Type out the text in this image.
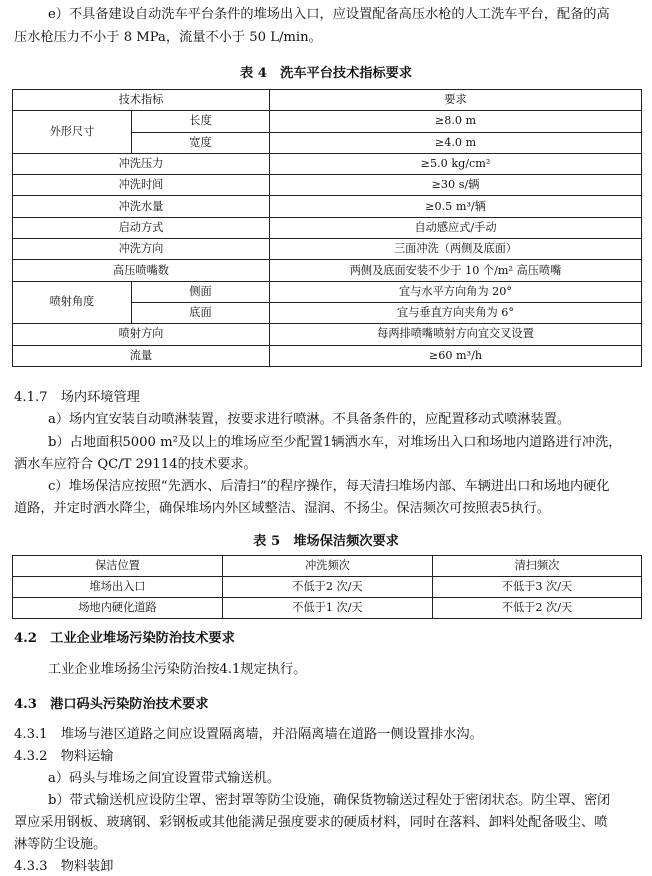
e）不具备建设自动洗车平台条件的堆场出入口，应设置配备高压水枪的人工洗车平台，配备的高

压水枪压力不小于 8 MPa，流量不小于 50 L/min。

表 4　洗车平台技术指标要求
技术指标		要求
外形尺寸	长度	≥8.0 m
	宽度	≥4.0 m
冲洗压力		≥5.0 kg/cm²
冲洗时间		≥30 s/辆
冲洗水量		≥0.5 m³/辆
启动方式		自动感应式/手动
冲洗方向		三面冲洗（两侧及底面）
高压喷嘴数		两侧及底面安装不少于 10 个/m² 高压喷嘴
喷射角度	侧面	宜与水平方向角为 20°
	底面	宜与垂直方向夹角为 6°
喷射方向		每两排喷嘴喷射方向宜交叉设置
流量		≥60 m³/h

4.1.7　场内环境管理

a）场内宜安装自动喷淋装置，按要求进行喷淋。不具备条件的，应配置移动式喷淋装置。

b）占地面积5000 m²及以上的堆场应至少配置1辆洒水车，对堆场出入口和场地内道路进行冲洗，

洒水车应符合 QC/T 29114的技术要求。

c）堆场保洁应按照“先洒水、后清扫”的程序操作，每天清扫堆场内部、车辆进出口和场地内硬化

道路，并定时洒水降尘，确保堆场内外区域整洁、湿润、不扬尘。保洁频次可按照表5执行。

表 5　堆场保洁频次要求
保洁位置	冲洗频次	清扫频次
堆场出入口	不低于2 次/天	不低于3 次/天
场地内硬化道路	不低于1 次/天	不低于2 次/天

4.2　工业企业堆场污染防治技术要求

工业企业堆场扬尘污染防治按4.1规定执行。

4.3　港口码头污染防治技术要求

4.3.1　堆场与港区道路之间应设置隔离墙，并沿隔离墙在道路一侧设置排水沟。

4.3.2　物料运输

a）码头与堆场之间宜设置带式输送机。

b）带式输送机应设防尘罩、密封罩等防尘设施，确保货物输送过程处于密闭状态。防尘罩、密闭

罩应采用钢板、玻璃钢、彩钢板或其他能满足强度要求的硬质材料，同时在落料、卸料处配备吸尘、喷

淋等防尘设施。

4.3.3　物料装卸
